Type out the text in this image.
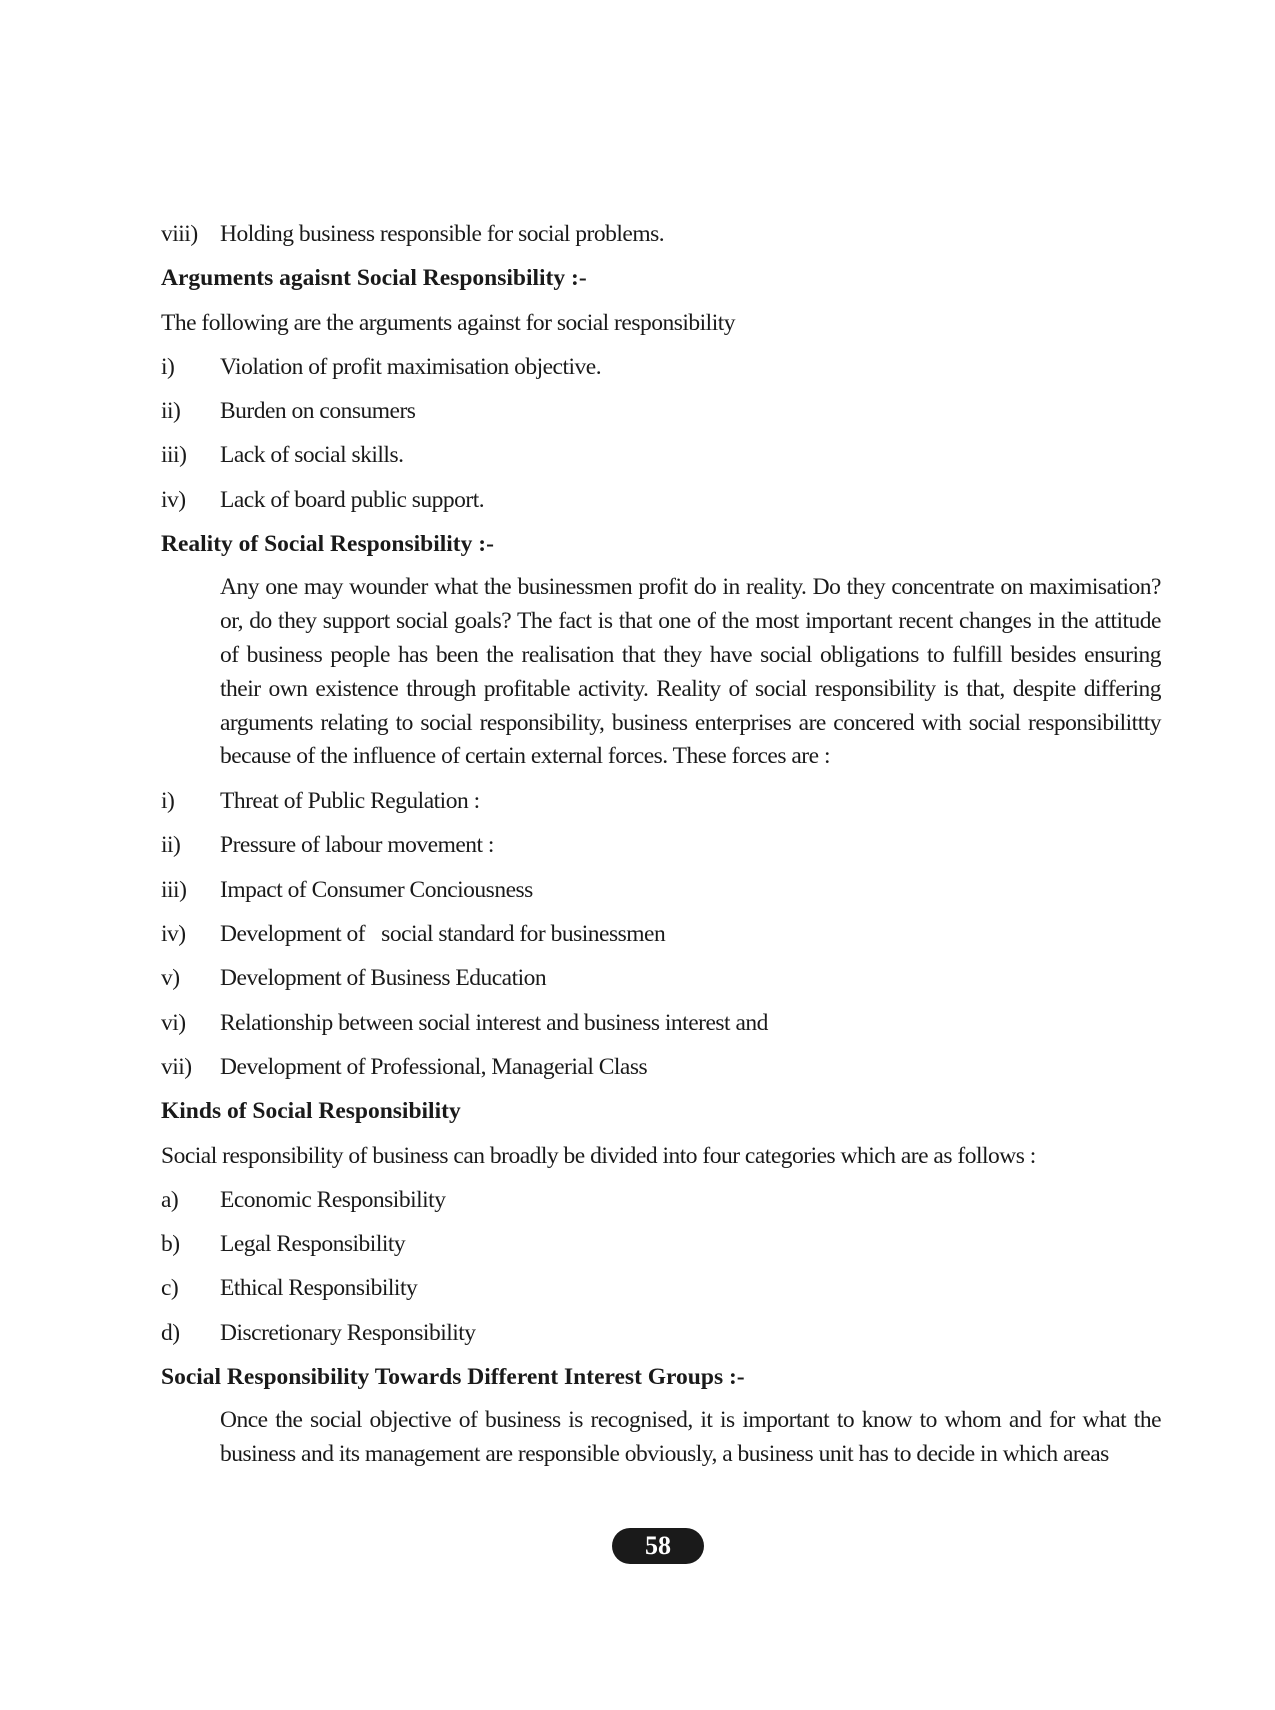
viii) Holding business responsible for social problems.
Arguments agaisnt Social Responsibility :-
The following are the arguments against for social responsibility
i)	Violation of profit maximisation objective.
ii)	Burden on consumers
iii)	Lack of social skills.
iv)	Lack of board public support.
Reality of Social Responsibility :-
Any one may wounder what the businessmen profit do in reality. Do they concentrate on maximisation? or, do they support social goals? The fact is that one of the most important recent changes in the attitude of business people has been the realisation that they have social obligations to fulfill besides ensuring their own existence through profitable activity. Reality of social responsibility is that, despite differing arguments relating to social responsibility, business enterprises are concered with social responsibilittty because of the influence of certain external forces. These forces are :
i)	Threat of Public Regulation :
ii)	Pressure of labour movement :
iii)	Impact of Consumer Conciousness
iv)	Development of   social standard for businessmen
v)	Development of Business Education
vi)	Relationship between social interest and business interest and
vii)	Development of Professional, Managerial Class
Kinds of Social Responsibility
Social responsibility of business can broadly be divided into four categories which are as follows :
a)	Economic Responsibility
b)	Legal Responsibility
c)	Ethical Responsibility
d)	Discretionary Responsibility
Social Responsibility Towards Different Interest Groups :-
Once the social objective of business is recognised, it is important to know to whom and for what the business and its management are responsible obviously, a business unit has to decide in which areas
58
